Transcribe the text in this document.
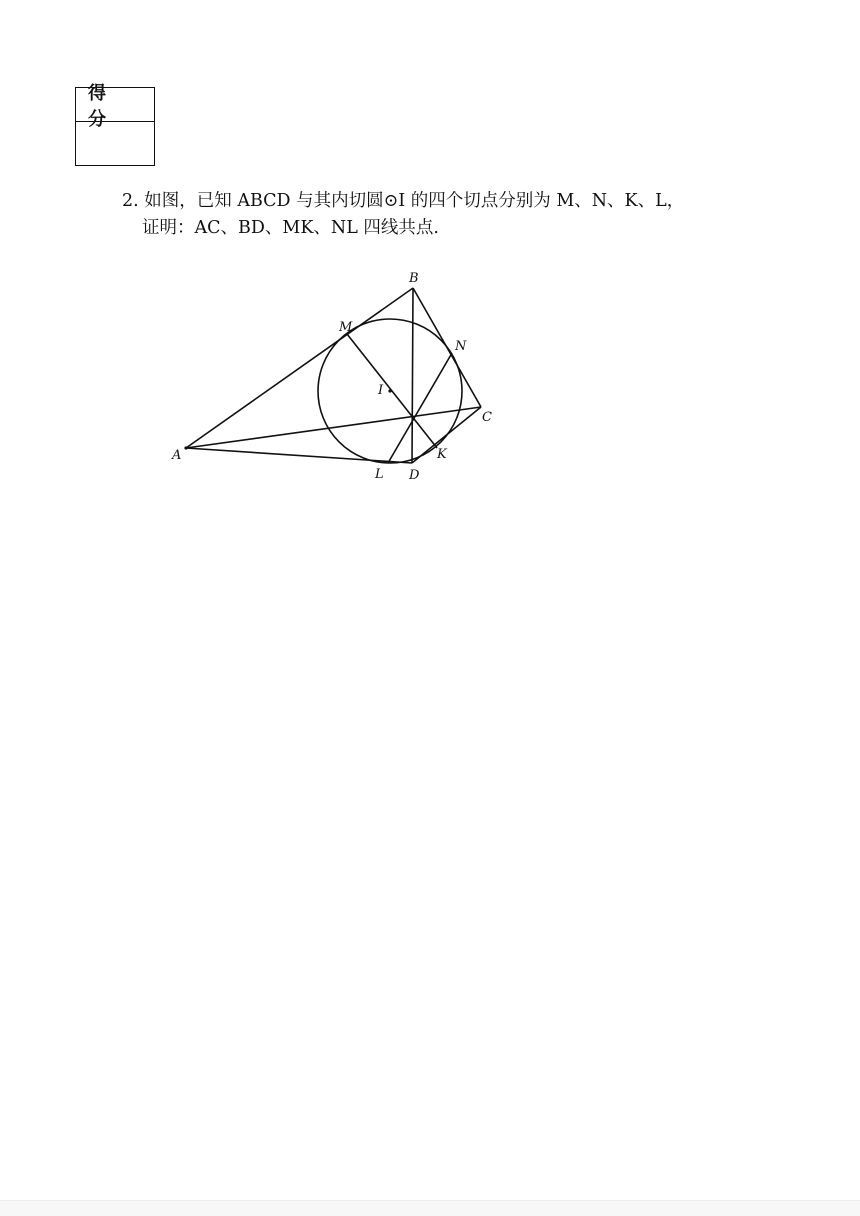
得 分
2. 如图，已知 ABCD 与其内切圆⊙I 的四个切点分别为 M、N、K、L，
证明：AC、BD、MK、NL 四线共点.
B
M
N
I
C
A	K
L D
